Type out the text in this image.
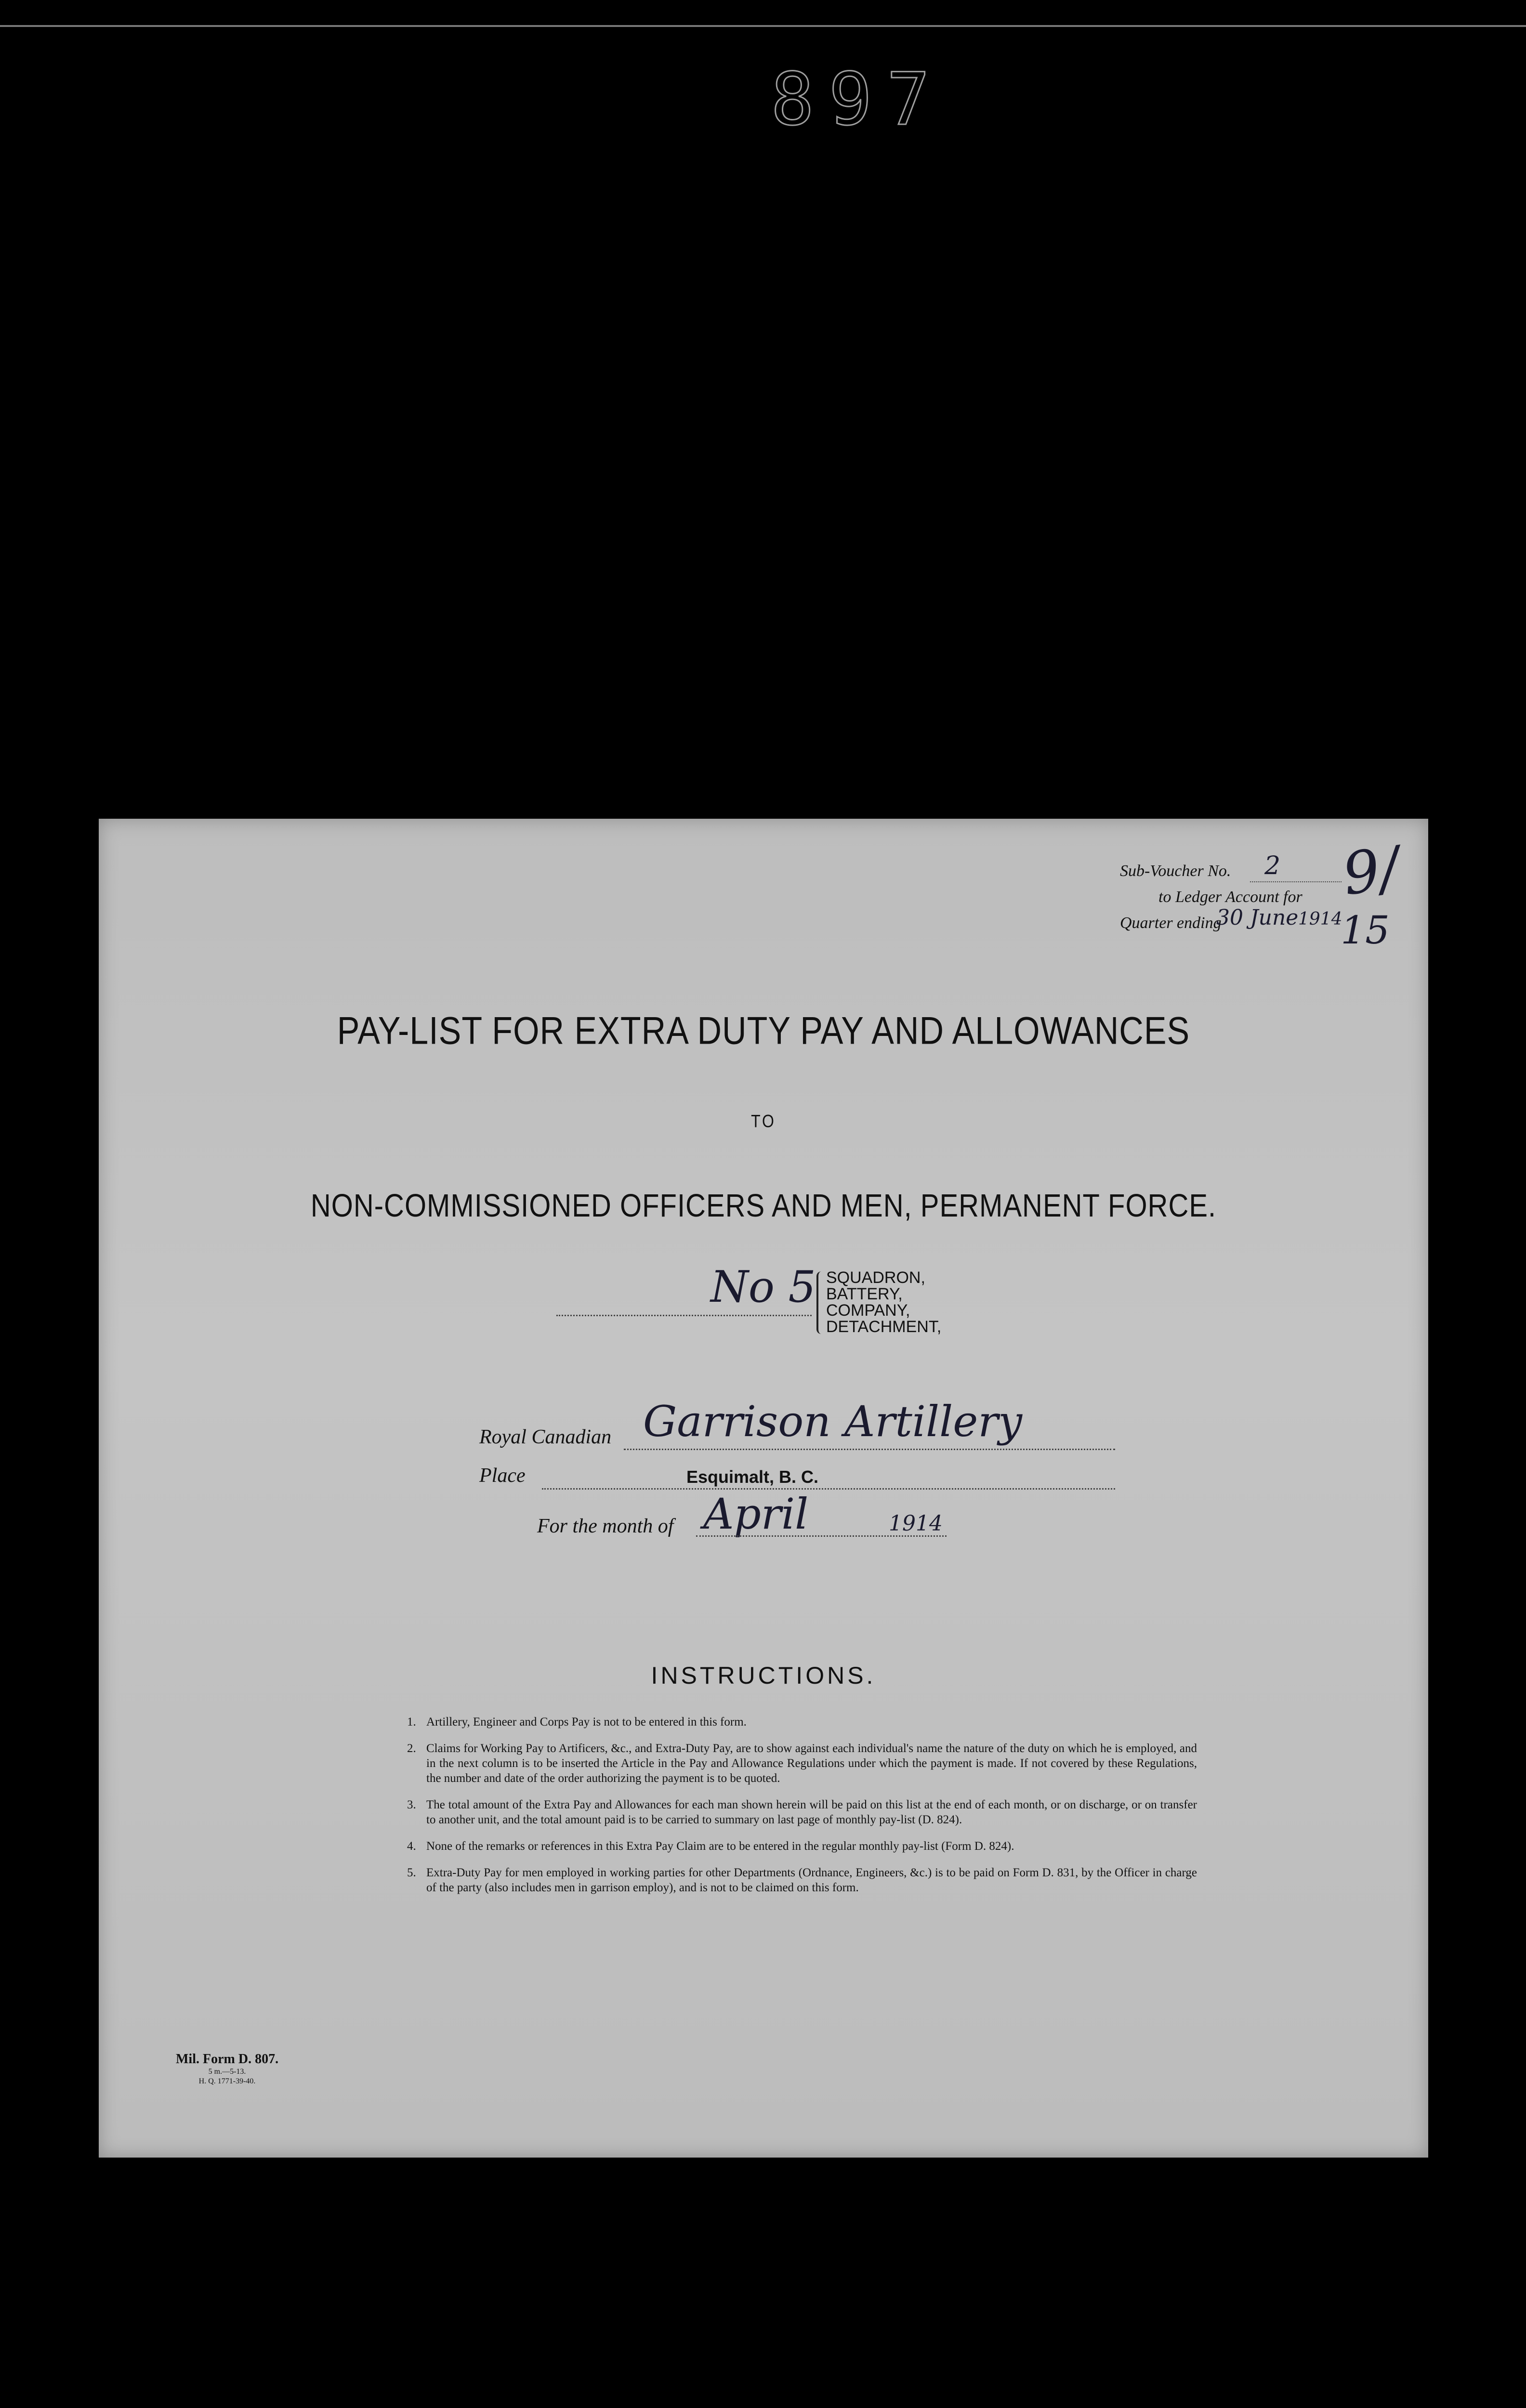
897
Sub-Voucher No. 2
to Ledger Account for
Quarter ending
30 June 1914
9/
15
PAY-LIST FOR EXTRA DUTY PAY AND ALLOWANCES
TO
NON-COMMISSIONED OFFICERS AND MEN, PERMANENT FORCE.
No 5 SQUADRON,
BATTERY,
COMPANY,
DETACHMENT,
Royal Canadian Garrison Artillery
Place	Esquimalt, B. C.
For the month of April	1914
INSTRUCTIONS.
1. Artillery, Engineer and Corps Pay is not to be entered in this form.
2. Claims for Working Pay to Artificers, &c., and Extra-Duty Pay, are to show against each individual's name the nature of the duty on which he is employed, and in the next column is to be inserted the Article in the Pay and Allowance Regulations under which the payment is made. If not covered by these Regulations, the number and date of the order authorizing the payment is to be quoted.
3. The total amount of the Extra Pay and Allowances for each man shown herein will be paid on this list at the end of each month, or on discharge, or on transfer to another unit, and the total amount paid is to be carried to summary on last page of monthly pay-list (D. 824).
4. None of the remarks or references in this Extra Pay Claim are to be entered in the regular monthly pay-list (Form D. 824).
5. Extra-Duty Pay for men employed in working parties for other Departments (Ordnance, Engineers, &c.) is to be paid on Form D. 831, by the Officer in charge of the party (also includes men in garrison employ), and is not to be claimed on this form.
Mil. Form D. 807.
5 m.—5-13.
H. Q. 1771-39-40.
